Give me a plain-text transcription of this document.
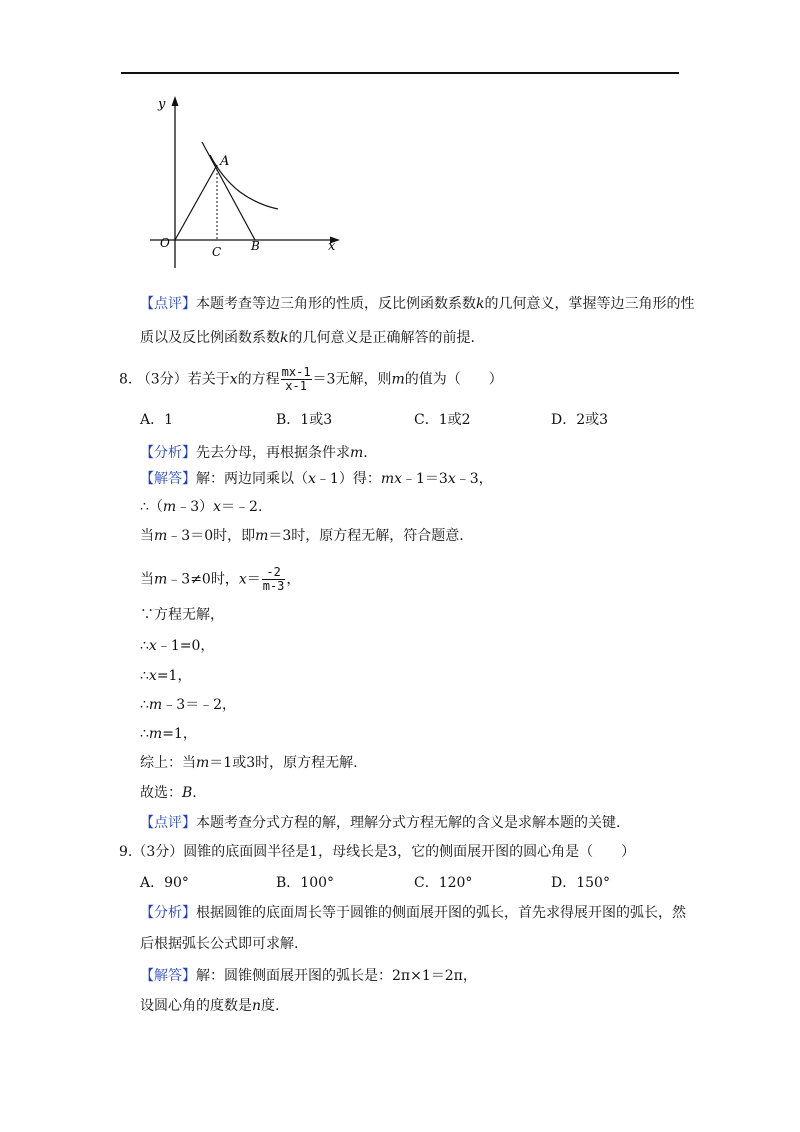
y
A
O
C B	x
【点评】本题考查等边三角形的性质，反比例函数系数k的几何意义，掌握等边三角形的性
质以及反比例函数系数k的几何意义是正确解答的前提.
8. （3分）若关于x的方程 $\frac{mx-1}{x-1} =3$无解，则m的值为（　　）
A．1	B．1或3	C．1或2	D．2或3
【分析】先去分母，再根据条件求m.
【解答】解：两边同乘以（x﹣1）得：mx﹣1＝3x﹣3，
∴（m﹣3）x＝﹣2.
当m﹣3＝0时，即m＝3时，原方程无解，符合题意.
当m﹣3≠0时，$x= \frac{-2}{m-3}$ ，
∵方程无解，
∴x﹣1=0，
∴x=1，
∴m﹣3＝﹣2，
∴m=1，
综上：当m＝1或3时，原方程无解.
故选：B.
【点评】本题考查分式方程的解，理解分式方程无解的含义是求解本题的关键.
9.（3分）圆锥的底面圆半径是1，母线长是3，它的侧面展开图的圆心角是（　　）
A．90°	B．100°	C．120°	D．150°
【分析】根据圆锥的底面周长等于圆锥的侧面展开图的弧长，首先求得展开图的弧长，然
后根据弧长公式即可求解.
【解答】解：圆锥侧面展开图的弧长是：2π×1＝2π，
设圆心角的度数是n度.
